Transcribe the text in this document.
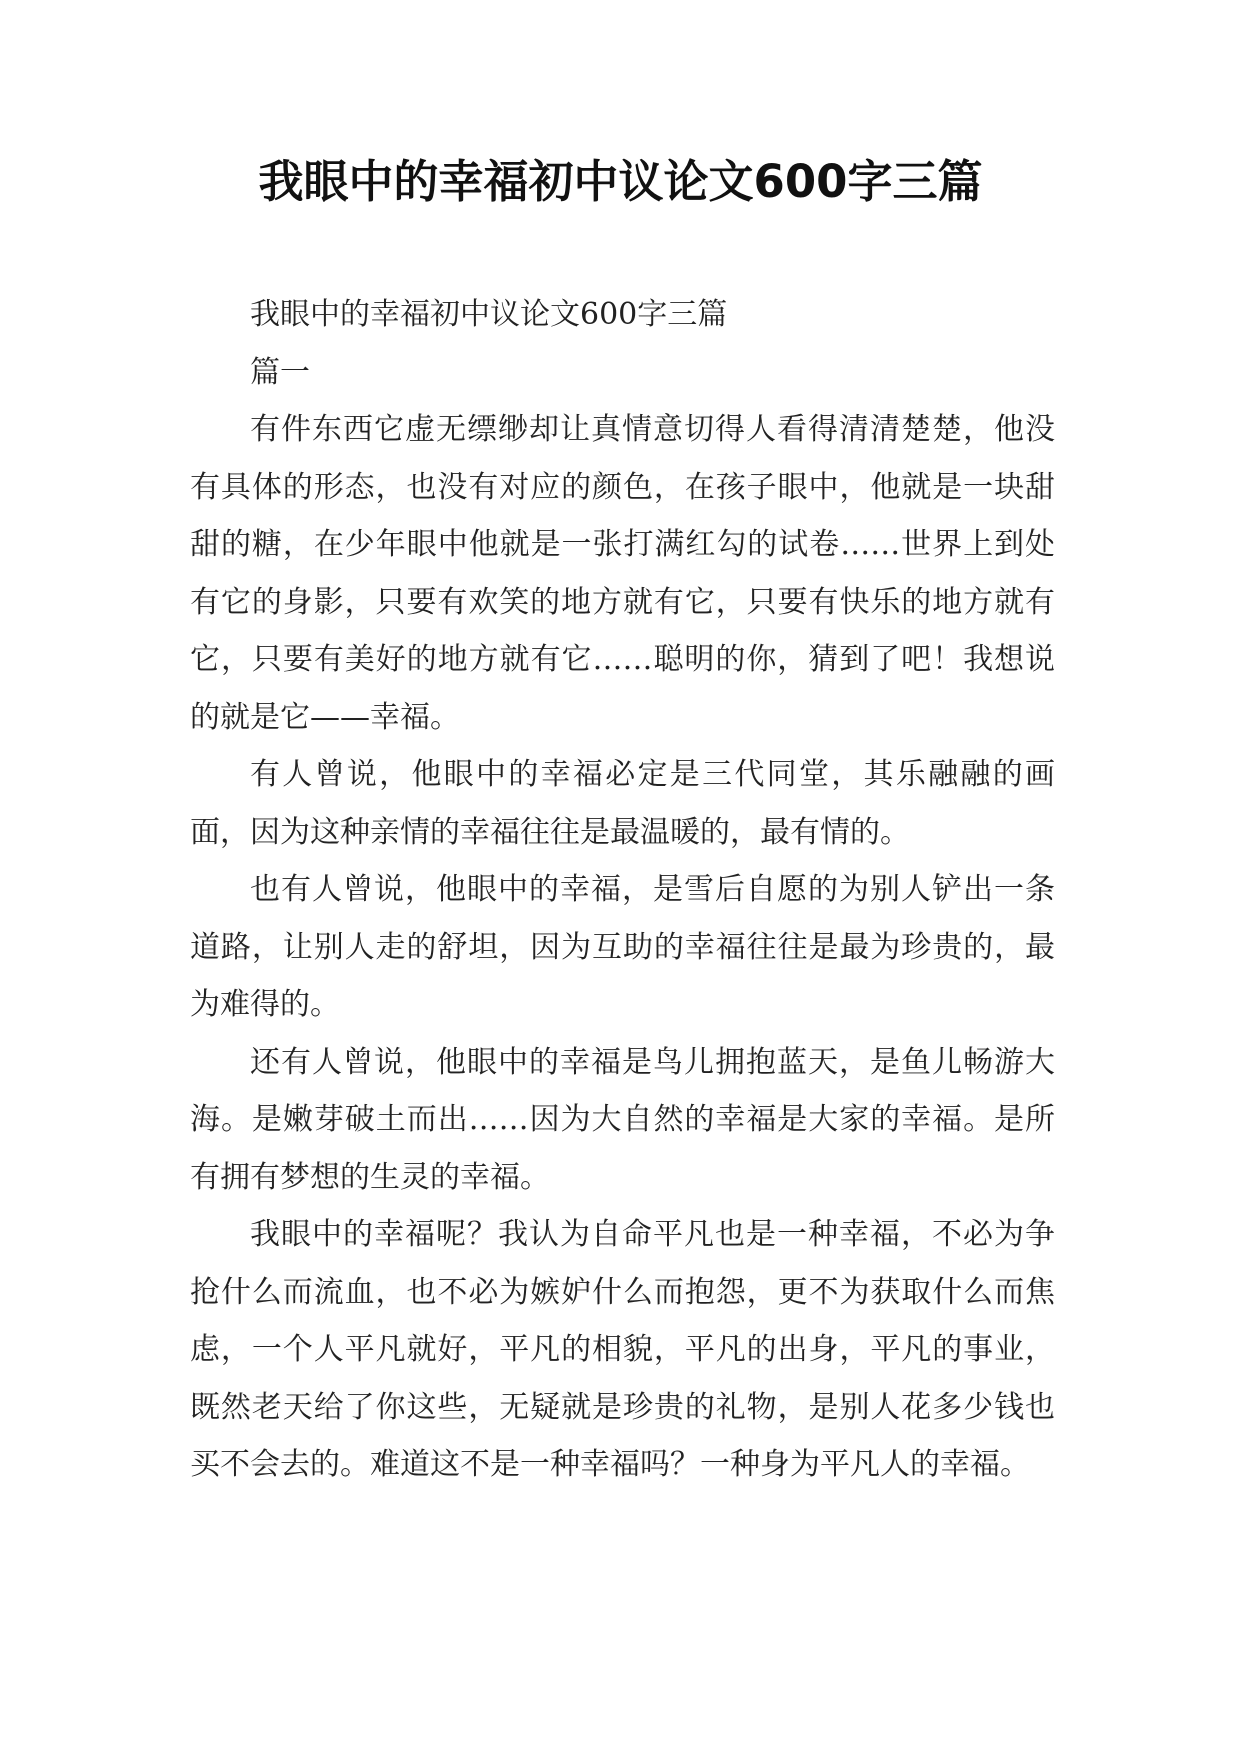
我眼中的幸福初中议论文600字三篇

我眼中的幸福初中议论文600字三篇

篇一

有件东西它虚无缥缈却让真情意切得人看得清清楚楚，他没有具体的形态，也没有对应的颜色，在孩子眼中，他就是一块甜甜的糖，在少年眼中他就是一张打满红勾的试卷……世界上到处有它的身影，只要有欢笑的地方就有它，只要有快乐的地方就有它，只要有美好的地方就有它……聪明的你，猜到了吧！我想说的就是它——幸福。

有人曾说，他眼中的幸福必定是三代同堂，其乐融融的画面，因为这种亲情的幸福往往是最温暖的，最有情的。

也有人曾说，他眼中的幸福，是雪后自愿的为别人铲出一条道路，让别人走的舒坦，因为互助的幸福往往是最为珍贵的，最为难得的。

还有人曾说，他眼中的幸福是鸟儿拥抱蓝天，是鱼儿畅游大海。是嫩芽破土而出……因为大自然的幸福是大家的幸福。是所有拥有梦想的生灵的幸福。

我眼中的幸福呢？我认为自命平凡也是一种幸福，不必为争抢什么而流血，也不必为嫉妒什么而抱怨，更不为获取什么而焦虑，一个人平凡就好，平凡的相貌，平凡的出身，平凡的事业，既然老天给了你这些，无疑就是珍贵的礼物，是别人花多少钱也买不会去的。难道这不是一种幸福吗？一种身为平凡人的幸福。
